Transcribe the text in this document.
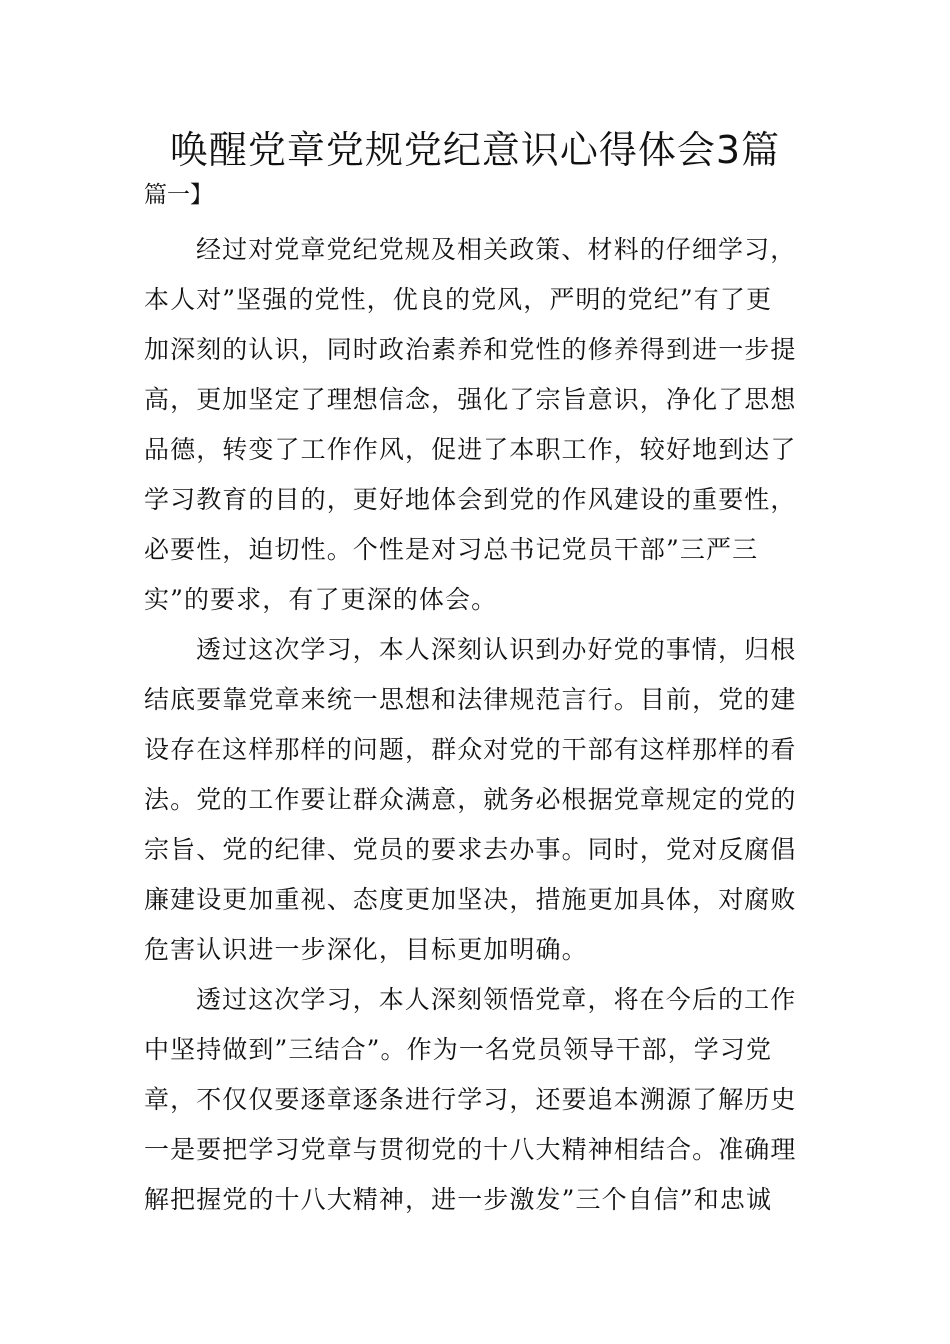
唤醒党章党规党纪意识心得体会3篇

篇一】

经过对党章党纪党规及相关政策、材料的仔细学习，
本人对”坚强的党性，优良的党风，严明的党纪”有了更
加深刻的认识，同时政治素养和党性的修养得到进一步提
高，更加坚定了理想信念，强化了宗旨意识，净化了思想
品德，转变了工作作风，促进了本职工作，较好地到达了
学习教育的目的，更好地体会到党的作风建设的重要性，
必要性，迫切性。个性是对习总书记党员干部”三严三
实”的要求，有了更深的体会。
透过这次学习，本人深刻认识到办好党的事情，归根
结底要靠党章来统一思想和法律规范言行。目前，党的建
设存在这样那样的问题，群众对党的干部有这样那样的看
法。党的工作要让群众满意，就务必根据党章规定的党的
宗旨、党的纪律、党员的要求去办事。同时，党对反腐倡
廉建设更加重视、态度更加坚决，措施更加具体，对腐败
危害认识进一步深化，目标更加明确。
透过这次学习，本人深刻领悟党章，将在今后的工作
中坚持做到”三结合”。作为一名党员领导干部，学习党
章，不仅仅要逐章逐条进行学习，还要追本溯源了解历史
一是要把学习党章与贯彻党的十八大精神相结合。准确理
解把握党的十八大精神，进一步激发”三个自信”和忠诚
